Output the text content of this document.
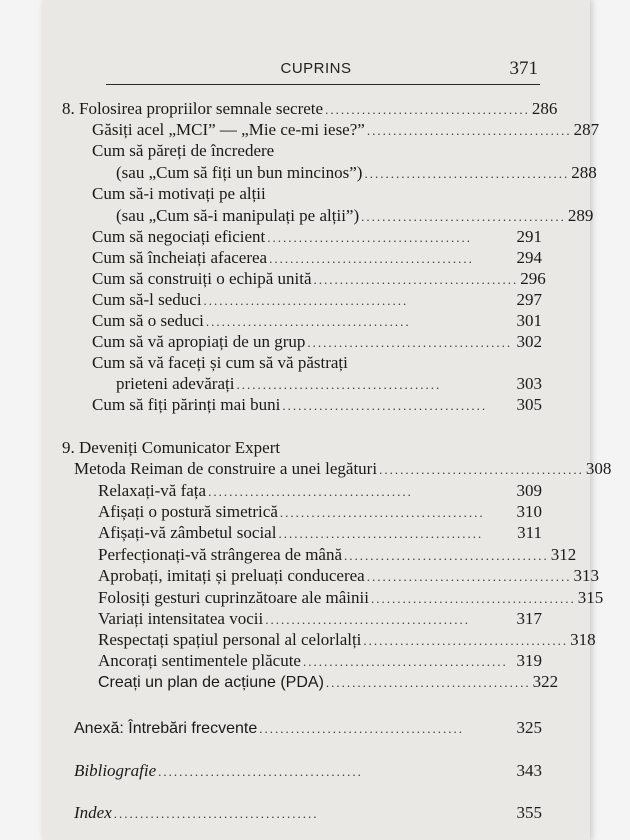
CUPRINS	371
8. Folosirea propriilor semnale secrete ....................................... 286
Găsiți acel „MCI” — „Mie ce-mi iese?” ....................................... 287
Cum să păreți de încredere
(sau „Cum să fiți un bun mincinos”) ....................................... 288
Cum să-i motivați pe alții
(sau „Cum să-i manipulați pe alții”) ....................................... 289
Cum să negociați eficient .......................................	291
Cum să încheiați afacerea .......................................	294
Cum să construiți o echipă unită ....................................... 296
Cum să-l seduci .......................................	297
Cum să o seduci .......................................	301
Cum să vă apropiați de un grup ....................................... 302
Cum să vă faceți și cum să vă păstrați
prieteni adevărați .......................................	303
Cum să fiți părinți mai buni .......................................	305
9. Deveniți Comunicator Expert
Metoda Reiman de construire a unei legături ....................................... 308
Relaxați-vă fața .......................................	309
Afișați o postură simetrică .......................................	310
Afișați-vă zâmbetul social .......................................	311
Perfecționați-vă strângerea de mână ....................................... 312
Aprobați, imitați și preluați conducerea ....................................... 313
Folosiți gesturi cuprinzătoare ale mâinii ....................................... 315
Variați intensitatea vocii .......................................	317
Respectați spațiul personal al celorlalți ....................................... 318
Ancorați sentimentele plăcute ....................................... 319
Creați un plan de acțiune (PDA) ....................................... 322
Anexă: Întrebări frecvente .......................................	325
Bibliografie .......................................	343
Index .......................................	355
